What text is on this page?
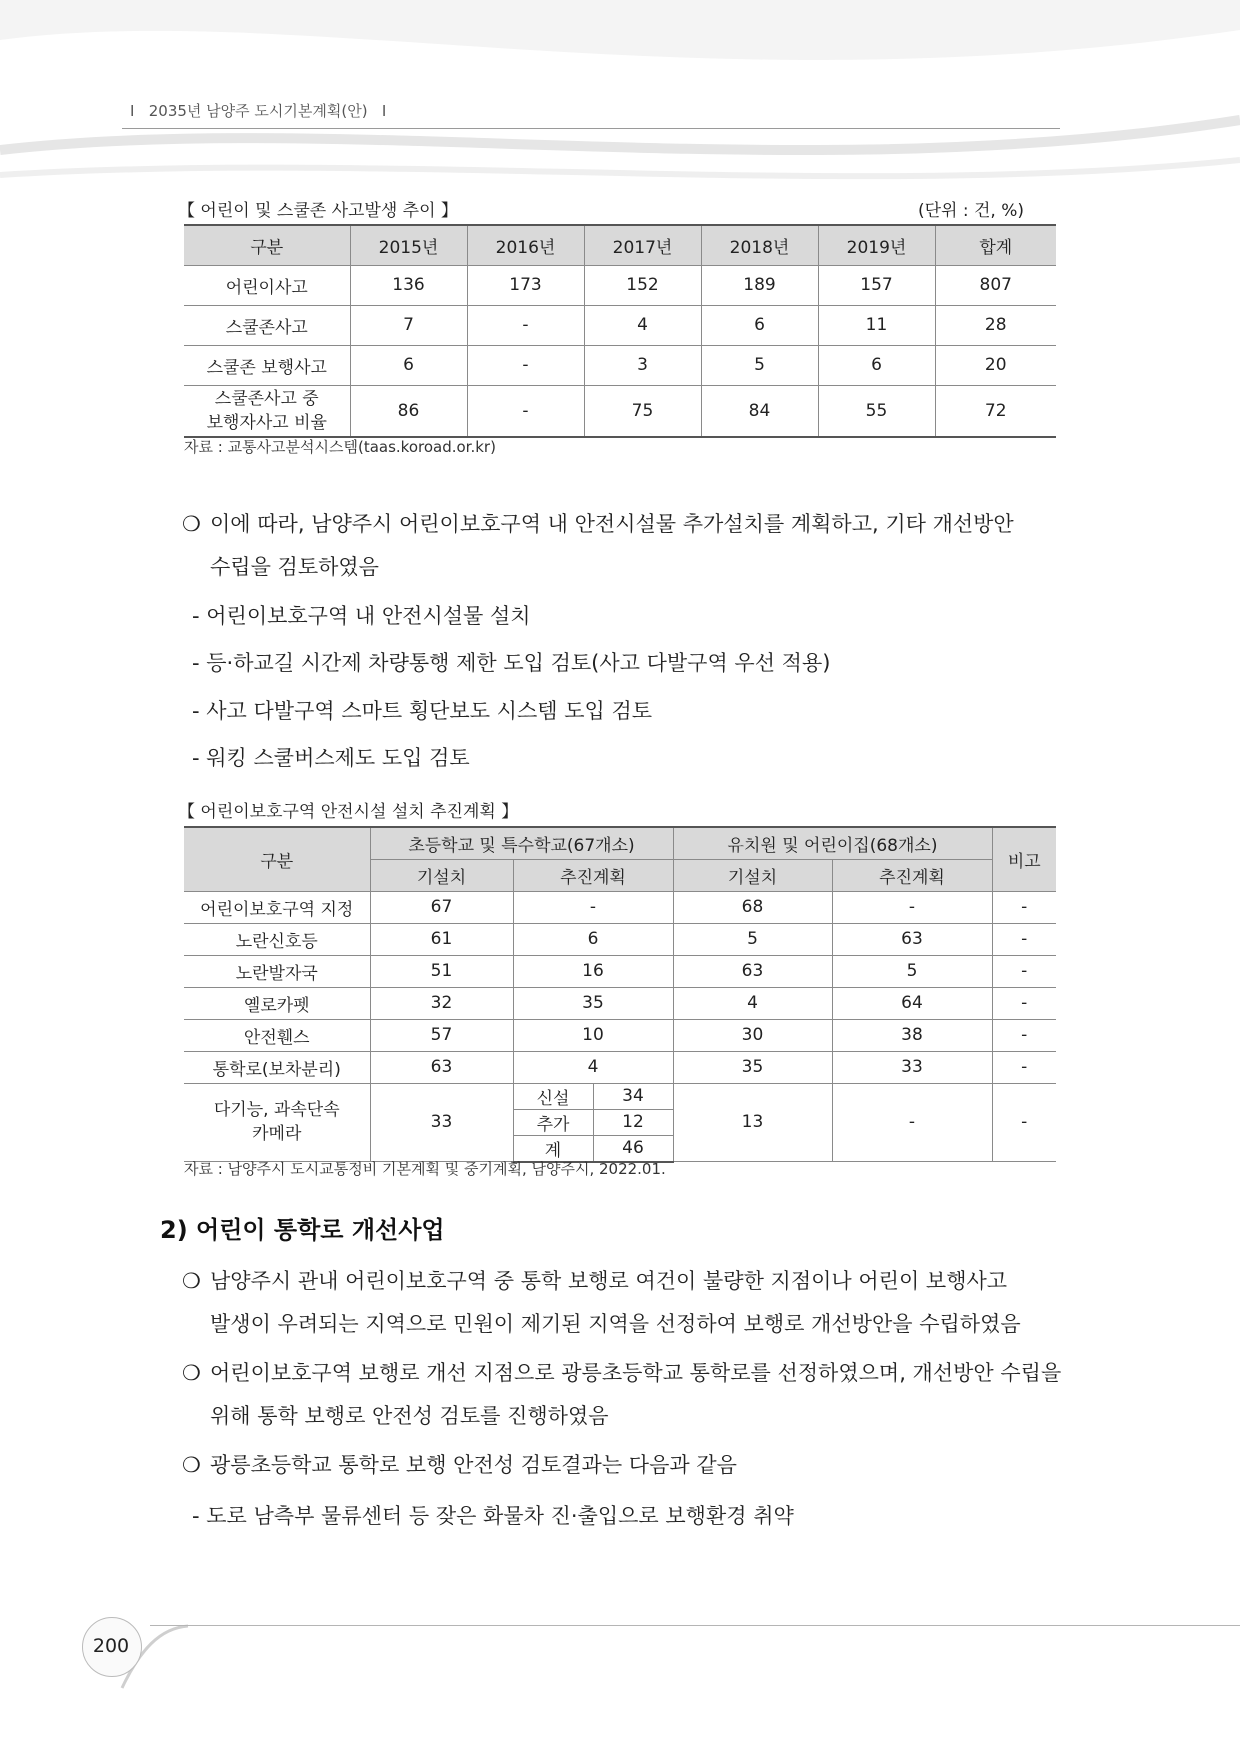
I 2035년 남양주 도시기본계획(안) I
【 어린이 및 스쿨존 사고발생 추이 】	(단위 : 건, %)
구분	2015년	2016년	2017년	2018년	2019년	합계
어린이사고	136	173	152	189	157	807
스쿨존사고	7	-	4	6	11	28
스쿨존 보행사고	6	-	3	5	6	20

스쿨존사고 중
보행자사고 비율	86	-	75	84	55	72
자료 : 교통사고분석시스템(taas.koroad.or.kr)
❍ 이에 따라, 남양주시 어린이보호구역 내 안전시설물 추가설치를 계획하고, 기타 개선방안
수립을 검토하였음
- 어린이보호구역 내 안전시설물 설치
- 등·하교길 시간제 차량통행 제한 도입 검토(사고 다발구역 우선 적용)
- 사고 다발구역 스마트 횡단보도 시스템 도입 검토
- 워킹 스쿨버스제도 도입 검토
【 어린이보호구역 안전시설 설치 추진계획 】
구분	초등학교 및 특수학교(67개소)			유치원 및 어린이집(68개소)		비고
	기설치	추진계획		기설치	추진계획	
어린이보호구역 지정	67	-		68	-	-
노란신호등	61	6		5	63	-
노란발자국	51	16		63	5	-
옐로카펫	32	35		4	64	-
안전휀스	57	10		30	38	-
통학로(보차분리)	63	4		35	33	-

다기능, 과속단속
카메라	33	신설	34	13	-	-
		추가	12			
		계	46			
자료 : 남양주시 도시교통정비 기본계획 및 중기계획, 남양주시, 2022.01.
2) 어린이 통학로 개선사업
❍ 남양주시 관내 어린이보호구역 중 통학 보행로 여건이 불량한 지점이나 어린이 보행사고
발생이 우려되는 지역으로 민원이 제기된 지역을 선정하여 보행로 개선방안을 수립하였음
❍ 어린이보호구역 보행로 개선 지점으로 광릉초등학교 통학로를 선정하였으며, 개선방안 수립을
위해 통학 보행로 안전성 검토를 진행하였음
❍ 광릉초등학교 통학로 보행 안전성 검토결과는 다음과 같음
- 도로 남측부 물류센터 등 잦은 화물차 진·출입으로 보행환경 취약
200
